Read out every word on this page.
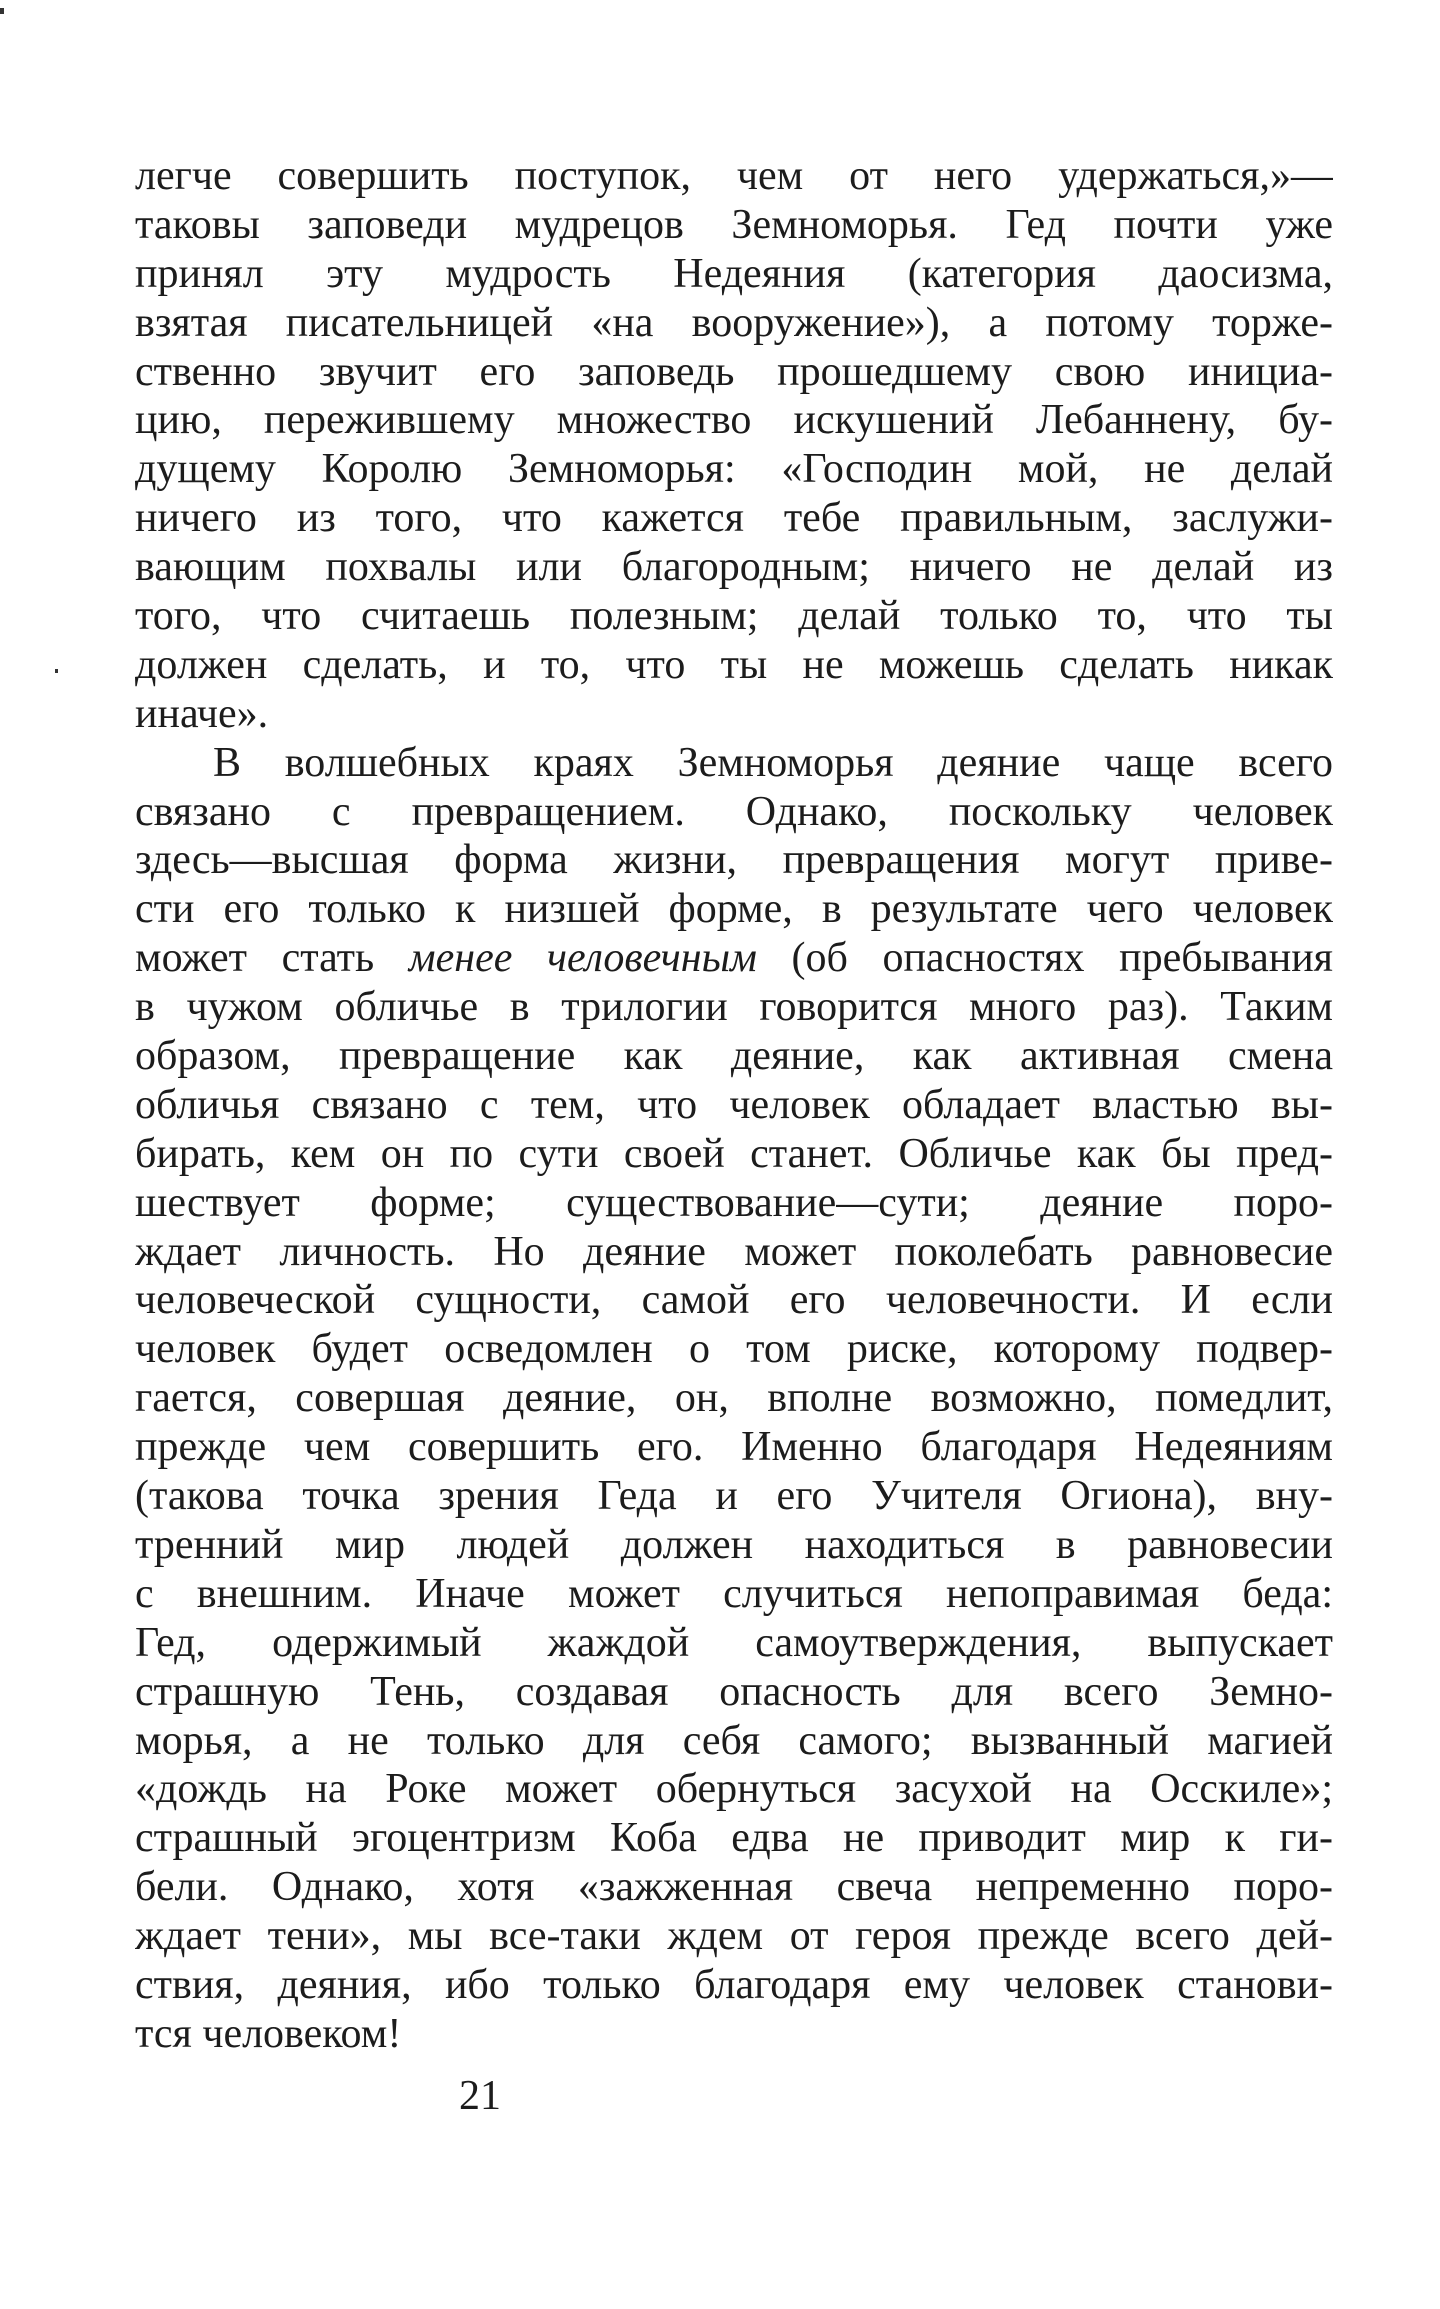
легче совершить поступок, чем от него удержаться,»—
таковы заповеди мудрецов Земноморья. Гед почти уже
принял эту мудрость Недеяния (категория даосизма,
взятая писательницей «на вооружение»), а потому торже-
ственно звучит его заповедь прошедшему свою инициа-
цию, пережившему множество искушений Лебаннену, бу-
дущему Королю Земноморья: «Господин мой, не делай
ничего из того, что кажется тебе правильным, заслужи-
вающим похвалы или благородным; ничего не делай из
того, что считаешь полезным; делай только то, что ты
должен сделать, и то, что ты не можешь сделать никак
иначе».
В волшебных краях Земноморья деяние чаще всего
связано с превращением. Однако, поскольку человек
здесь—высшая форма жизни, превращения могут приве-
сти его только к низшей форме, в результате чего человек
может стать менее человечным (об опасностях пребывания
в чужом обличье в трилогии говорится много раз). Таким
образом, превращение как деяние, как активная смена
обличья связано с тем, что человек обладает властью вы-
бирать, кем он по сути своей станет. Обличье как бы пред-
шествует форме; существование—сути; деяние поро-
ждает личность. Но деяние может поколебать равновесие
человеческой сущности, самой его человечности. И если
человек будет осведомлен о том риске, которому подвер-
гается, совершая деяние, он, вполне возможно, помедлит,
прежде чем совершить его. Именно благодаря Недеяниям
(такова точка зрения Геда и его Учителя Огиона), вну-
тренний мир людей должен находиться в равновесии
с внешним. Иначе может случиться непоправимая беда:
Гед, одержимый жаждой самоутверждения, выпускает
страшную Тень, создавая опасность для всего Земно-
морья, а не только для себя самого; вызванный магией
«дождь на Роке может обернуться засухой на Осскиле»;
страшный эгоцентризм Коба едва не приводит мир к ги-
бели. Однако, хотя «зажженная свеча непременно поро-
ждает тени», мы все-таки ждем от героя прежде всего дей-
ствия, деяния, ибо только благодаря ему человек станови-
тся человеком!
21
